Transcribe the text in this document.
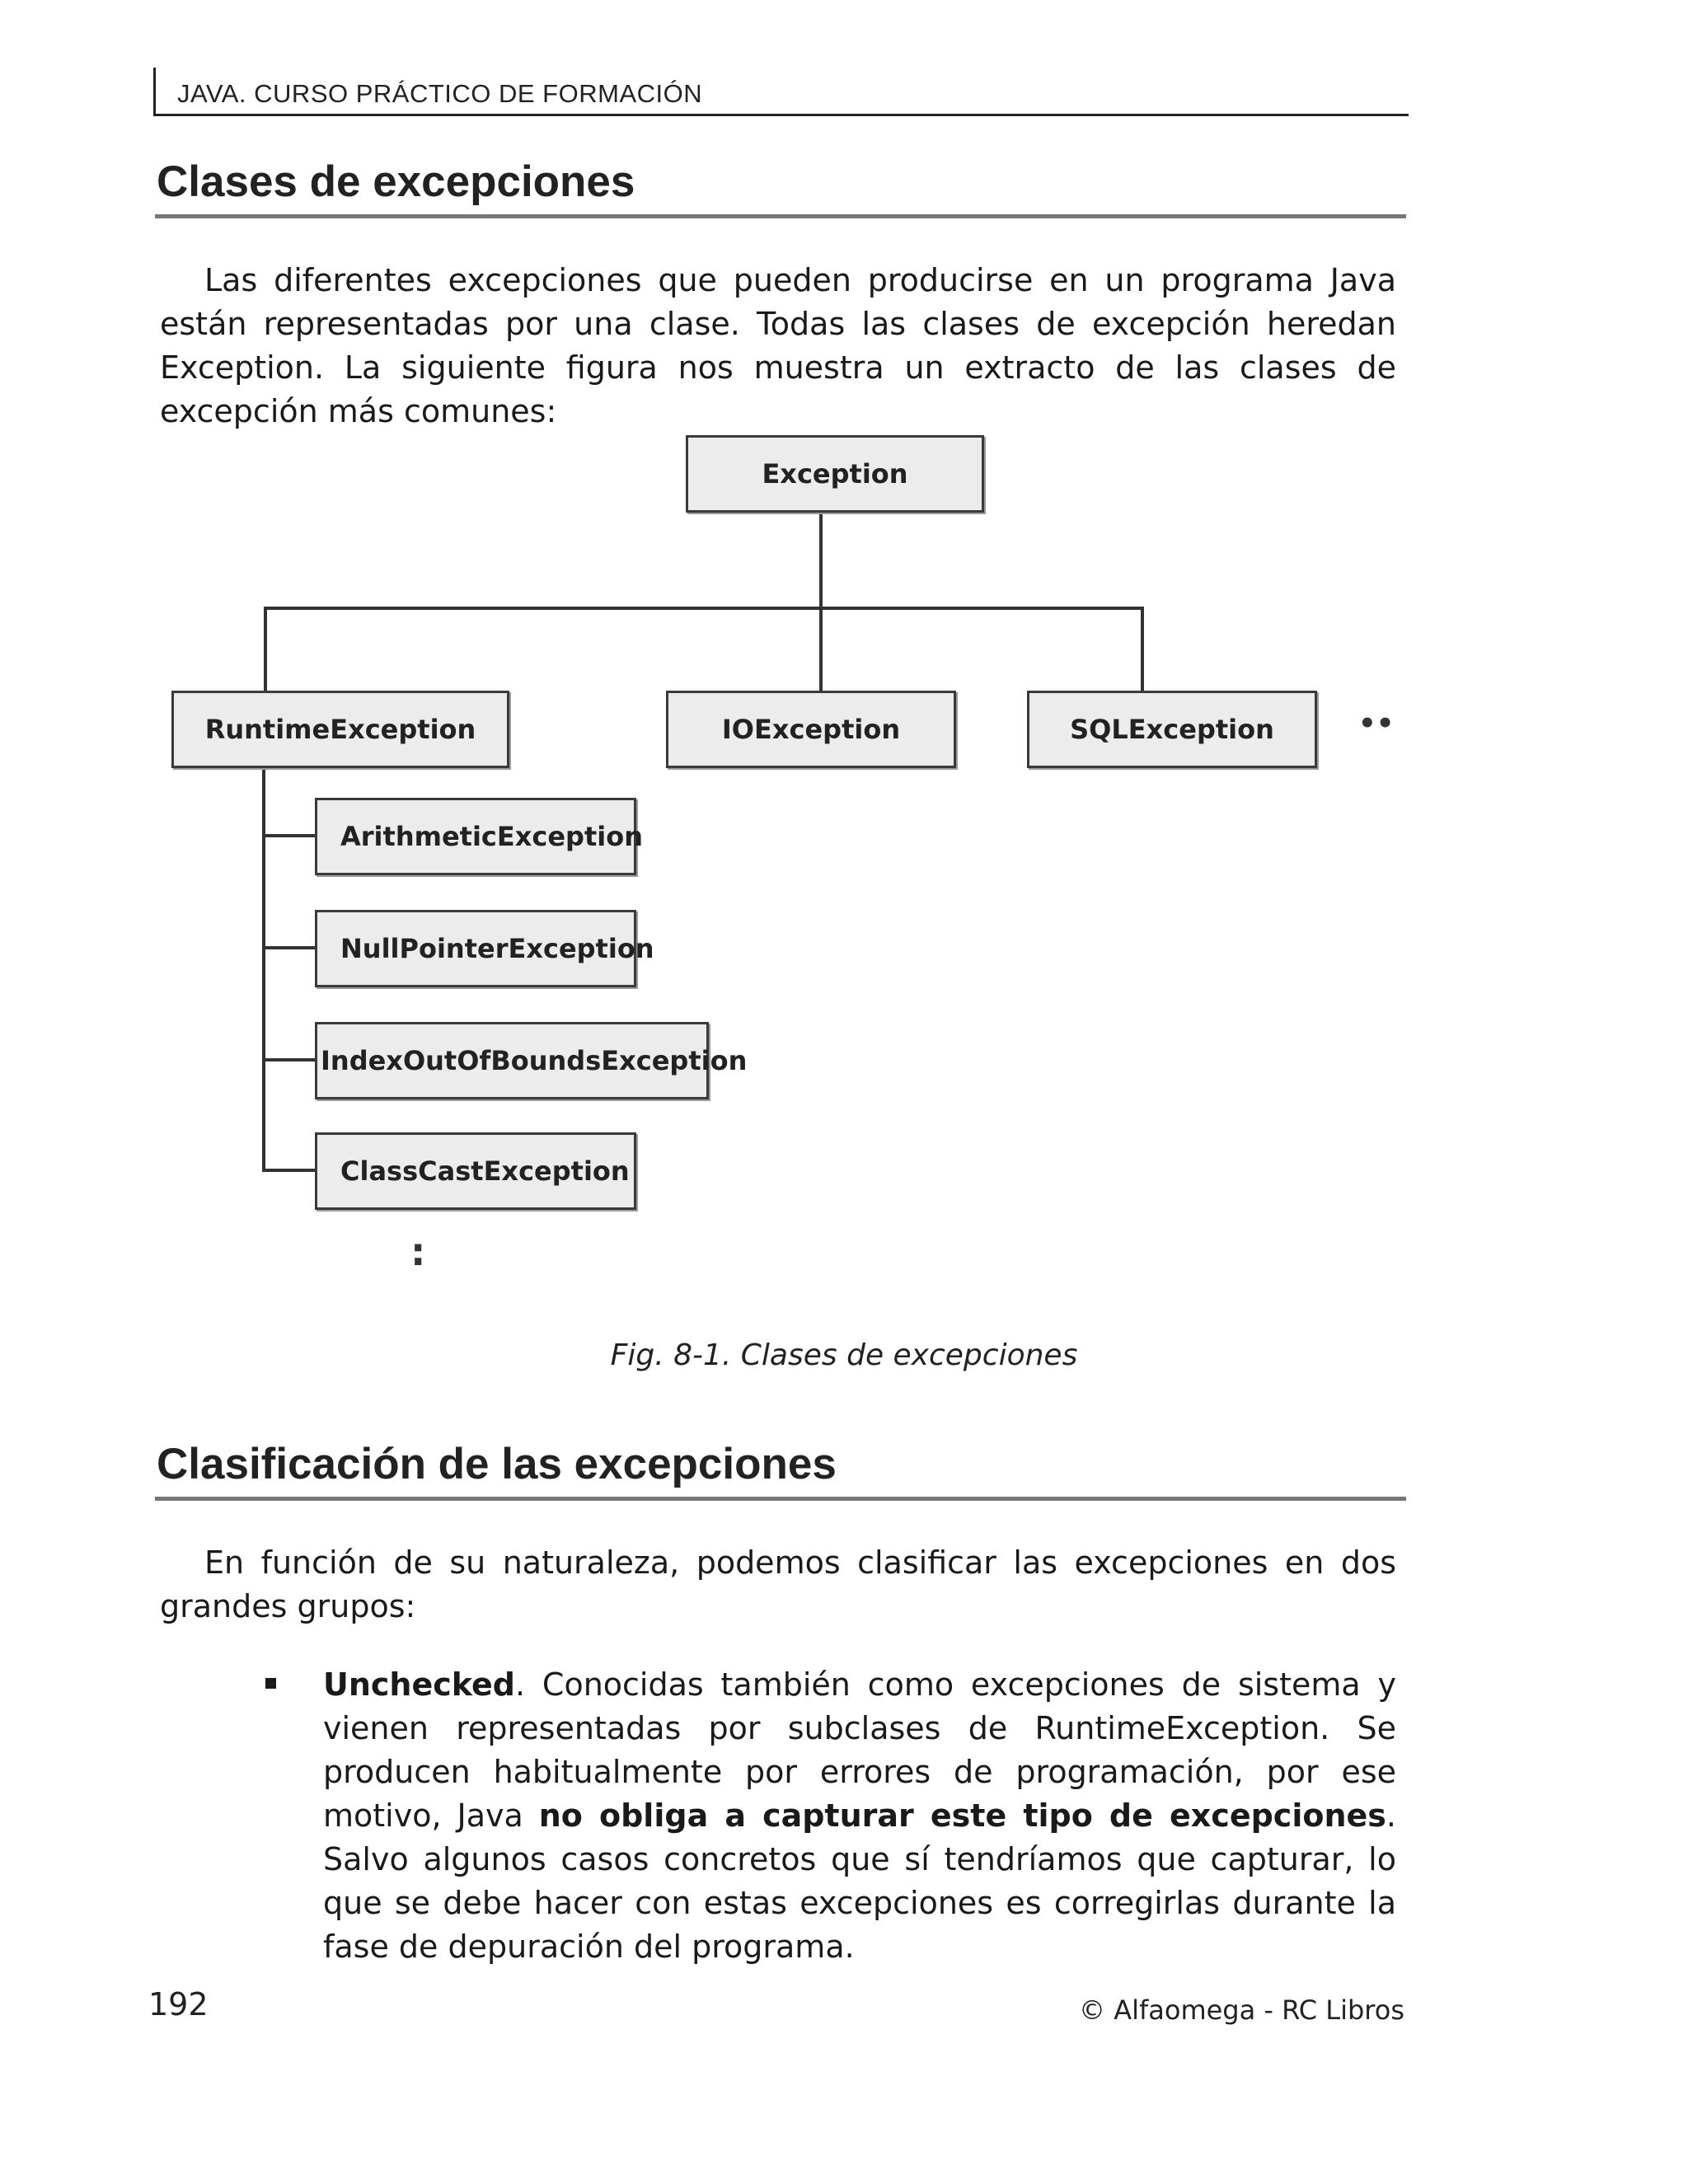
JAVA. CURSO PRÁCTICO DE FORMACIÓN
Clases de excepciones

Las diferentes excepciones que pueden producirse en un programa Java están representadas por una clase. Todas las clases de excepción heredan Exception. La siguiente figura nos muestra un extracto de las clases de excepción más comunes:

Exception
RuntimeException	IOException	SQLException	••
ArithmeticException
NullPointerException
IndexOutOfBoundsException
ClassCastException
:

Fig. 8-1. Clases de excepciones

Clasificación de las excepciones

En función de su naturaleza, podemos clasificar las excepciones en dos grandes grupos:

Unchecked. Conocidas también como excepciones de sistema y vienen representadas por subclases de RuntimeException. Se producen habitualmente por errores de programación, por ese motivo, Java no obliga a capturar este tipo de excepciones. Salvo algunos casos concretos que sí tendríamos que capturar, lo que se debe hacer con estas excepciones es corregirlas durante la fase de depuración del programa.

192	© Alfaomega - RC Libros
